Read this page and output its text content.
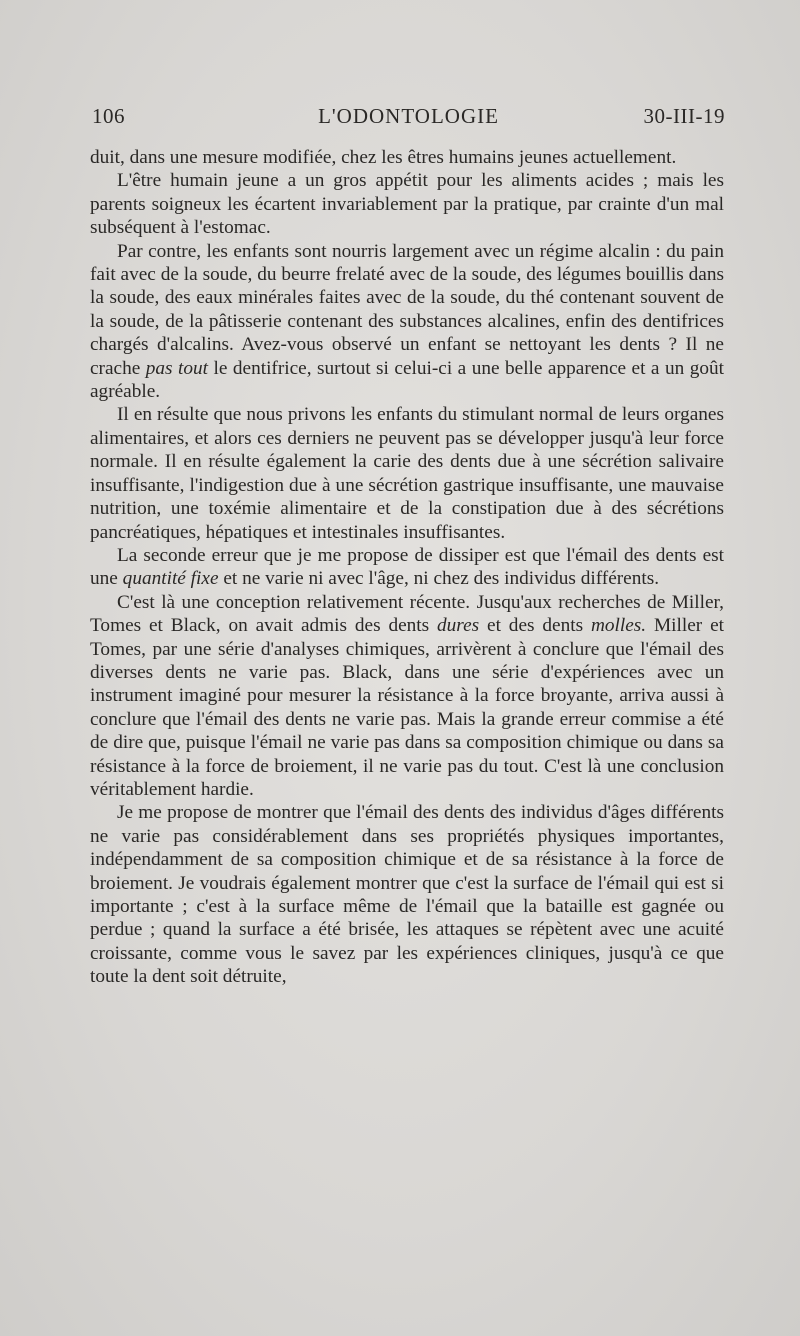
106	L'ODONTOLOGIE	30-III-19

duit, dans une mesure modifiée, chez les êtres humains jeunes actuellement.

L'être humain jeune a un gros appétit pour les aliments acides ; mais les parents soigneux les écartent invariablement par la pratique, par crainte d'un mal subséquent à l'estomac.

Par contre, les enfants sont nourris largement avec un régime alcalin : du pain fait avec de la soude, du beurre frelaté avec de la soude, des légumes bouillis dans la soude, des eaux minérales faites avec de la soude, du thé contenant souvent de la soude, de la pâtisserie contenant des substances alcalines, enfin des dentifrices chargés d'alcalins. Avez-vous observé un enfant se nettoyant les dents ? Il ne crache pas tout le dentifrice, surtout si celui-ci a une belle apparence et a un goût agréable.

Il en résulte que nous privons les enfants du stimulant normal de leurs organes alimentaires, et alors ces derniers ne peuvent pas se développer jusqu'à leur force normale. Il en résulte également la carie des dents due à une sécrétion salivaire insuffisante, l'indigestion due à une sécrétion gastrique insuffisante, une mauvaise nutrition, une toxémie alimentaire et de la constipation due à des sécrétions pancréatiques, hépatiques et intestinales insuffisantes.

La seconde erreur que je me propose de dissiper est que l'émail des dents est une quantité fixe et ne varie ni avec l'âge, ni chez des individus différents.

C'est là une conception relativement récente. Jusqu'aux recherches de Miller, Tomes et Black, on avait admis des dents dures et des dents molles. Miller et Tomes, par une série d'analyses chimiques, arrivèrent à conclure que l'émail des diverses dents ne varie pas. Black, dans une série d'expériences avec un instrument imaginé pour mesurer la résistance à la force broyante, arriva aussi à conclure que l'émail des dents ne varie pas. Mais la grande erreur commise a été de dire que, puisque l'émail ne varie pas dans sa composition chimique ou dans sa résistance à la force de broiement, il ne varie pas du tout. C'est là une conclusion véritablement hardie.

Je me propose de montrer que l'émail des dents des individus d'âges différents ne varie pas considérablement dans ses propriétés physiques importantes, indépendamment de sa composition chimique et de sa résistance à la force de broiement. Je voudrais également montrer que c'est la surface de l'émail qui est si importante ; c'est à la surface même de l'émail que la bataille est gagnée ou perdue ; quand la surface a été brisée, les attaques se répètent avec une acuité croissante, comme vous le savez par les expériences cliniques, jusqu'à ce que toute la dent soit détruite,
